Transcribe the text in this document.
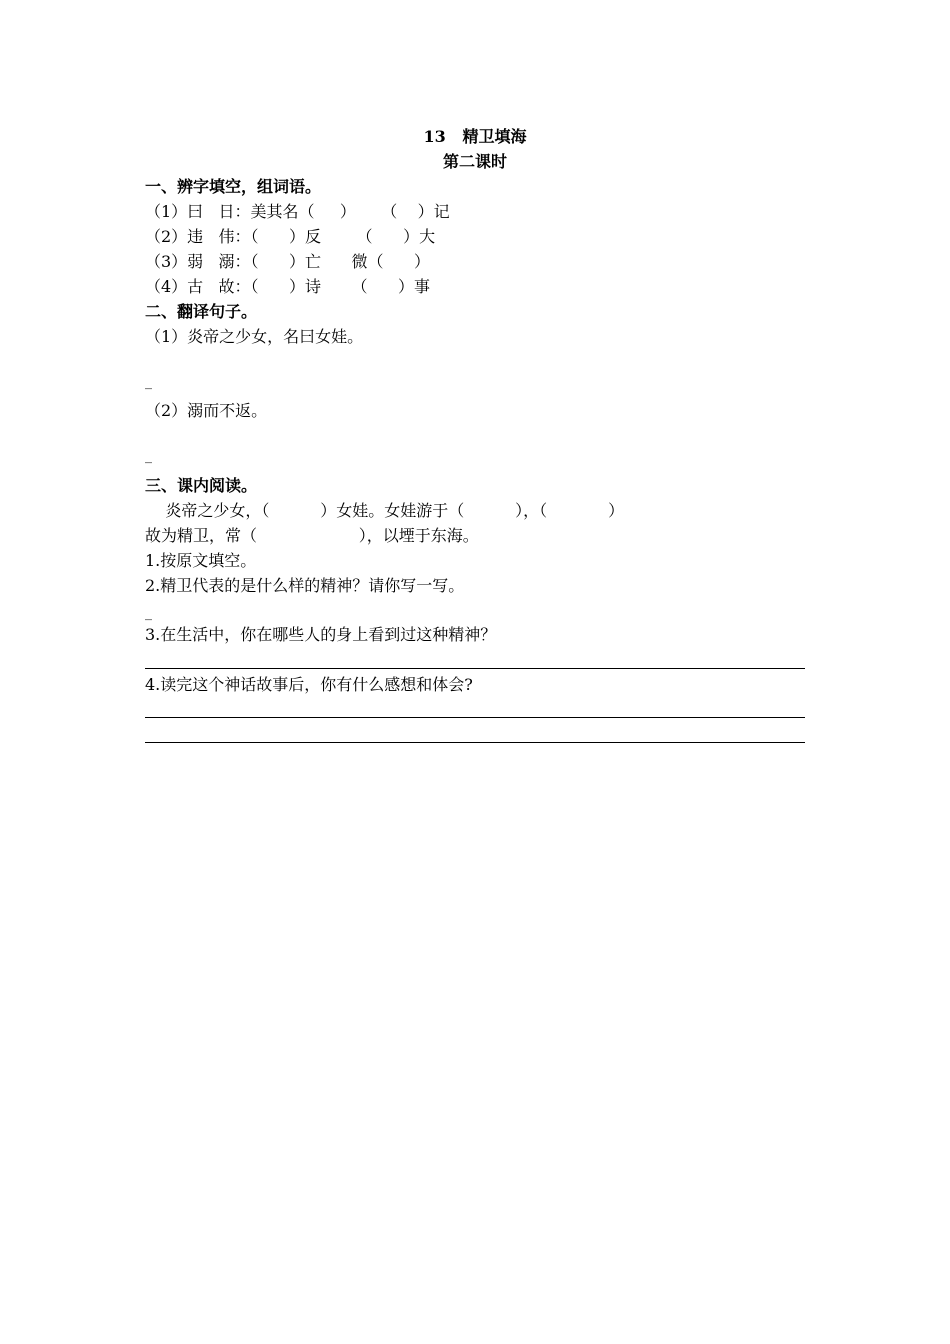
13   精卫填海
第二课时
一、辨字填空，组词语。
（1）曰   日：美其名（     ）     （    ）记
（2）违   伟：（      ）反       （      ）大
（3）弱   溺：（      ）亡      微（      ）
（4）古   故：（      ）诗      （      ）事
二、翻译句子。
（1）炎帝之少女，名曰女娃。
_
（2）溺而不返。
_
三、课内阅读。
炎帝之少女，（          ）女娃。女娃游于（          ），（            ）
故为精卫，常（                    ），以堙于东海。
1.按原文填空。
2.精卫代表的是什么样的精神？请你写一写。
_
3.在生活中，你在哪些人的身上看到过这种精神？
4.读完这个神话故事后，你有什么感想和体会?
